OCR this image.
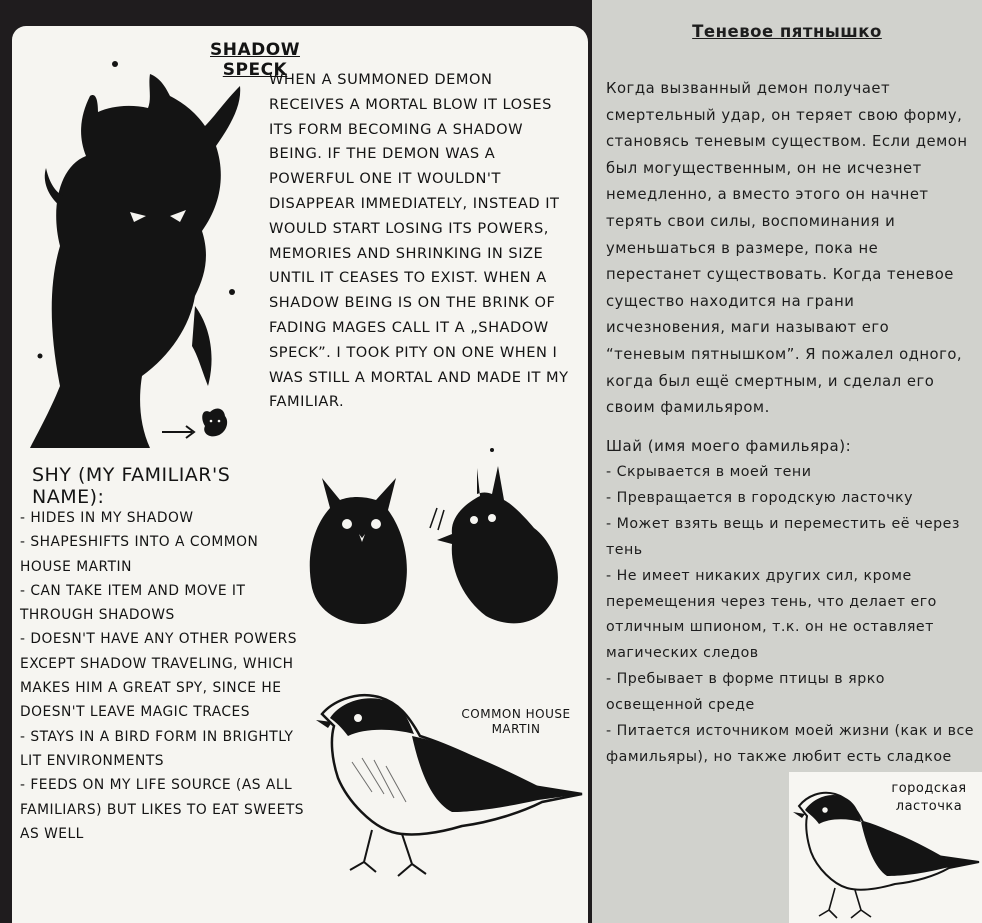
SHADOW SPECK

WHEN A SUMMONED DEMON RECEIVES A MORTAL BLOW IT LOSES ITS FORM BECOMING A SHADOW BEING. IF THE DEMON WAS A POWERFUL ONE IT WOULDN'T DISAPPEAR IMMEDIATELY, INSTEAD IT WOULD START LOSING ITS POWERS, MEMORIES AND SHRINKING IN SIZE UNTIL IT CEASES TO EXIST. WHEN A SHADOW BEING IS ON THE BRINK OF FADING MAGES CALL IT A „SHADOW SPECK”. I TOOK PITY ON ONE WHEN I WAS STILL A MORTAL AND MADE IT MY FAMILIAR.

SHY (MY FAMILIAR'S NAME):
- HIDES IN MY SHADOW
- SHAPESHIFTS INTO A COMMON HOUSE MARTIN
- CAN TAKE ITEM AND MOVE IT THROUGH SHADOWS
- DOESN'T HAVE ANY OTHER POWERS EXCEPT SHADOW TRAVELING, WHICH MAKES HIM A GREAT SPY, SINCE HE DOESN'T LEAVE MAGIC TRACES
- STAYS IN A BIRD FORM IN BRIGHTLY LIT ENVIRONMENTS
- FEEDS ON MY LIFE SOURCE (AS ALL FAMILIARS) BUT LIKES TO EAT SWEETS AS WELL
COMMON HOUSE MARTIN
Теневое пятнышко

Когда вызванный демон получает смертельный удар, он теряет свою форму, становясь теневым существом. Если демон был могущественным, он не исчезнет немедленно, а вместо этого он начнет терять свои силы, воспоминания и уменьшаться в размере, пока не перестанет существовать. Когда теневое существо находится на грани исчезновения, маги называют его “теневым пятнышком”. Я пожалел одного, когда был ещё смертным, и сделал его своим фамильяром.

Шай (имя моего фамильяра):
- Скрывается в моей тени
- Превращается в городскую ласточку
- Может взять вещь и переместить её через тень
- Не имеет никаких других сил, кроме перемещения через тень, что делает его отличным шпионом, т.к. он не оставляет магических следов
- Пребывает в форме птицы в ярко освещенной среде
- Питается источником моей жизни (как и все фамильяры), но также любит есть сладкое
городская ласточка
